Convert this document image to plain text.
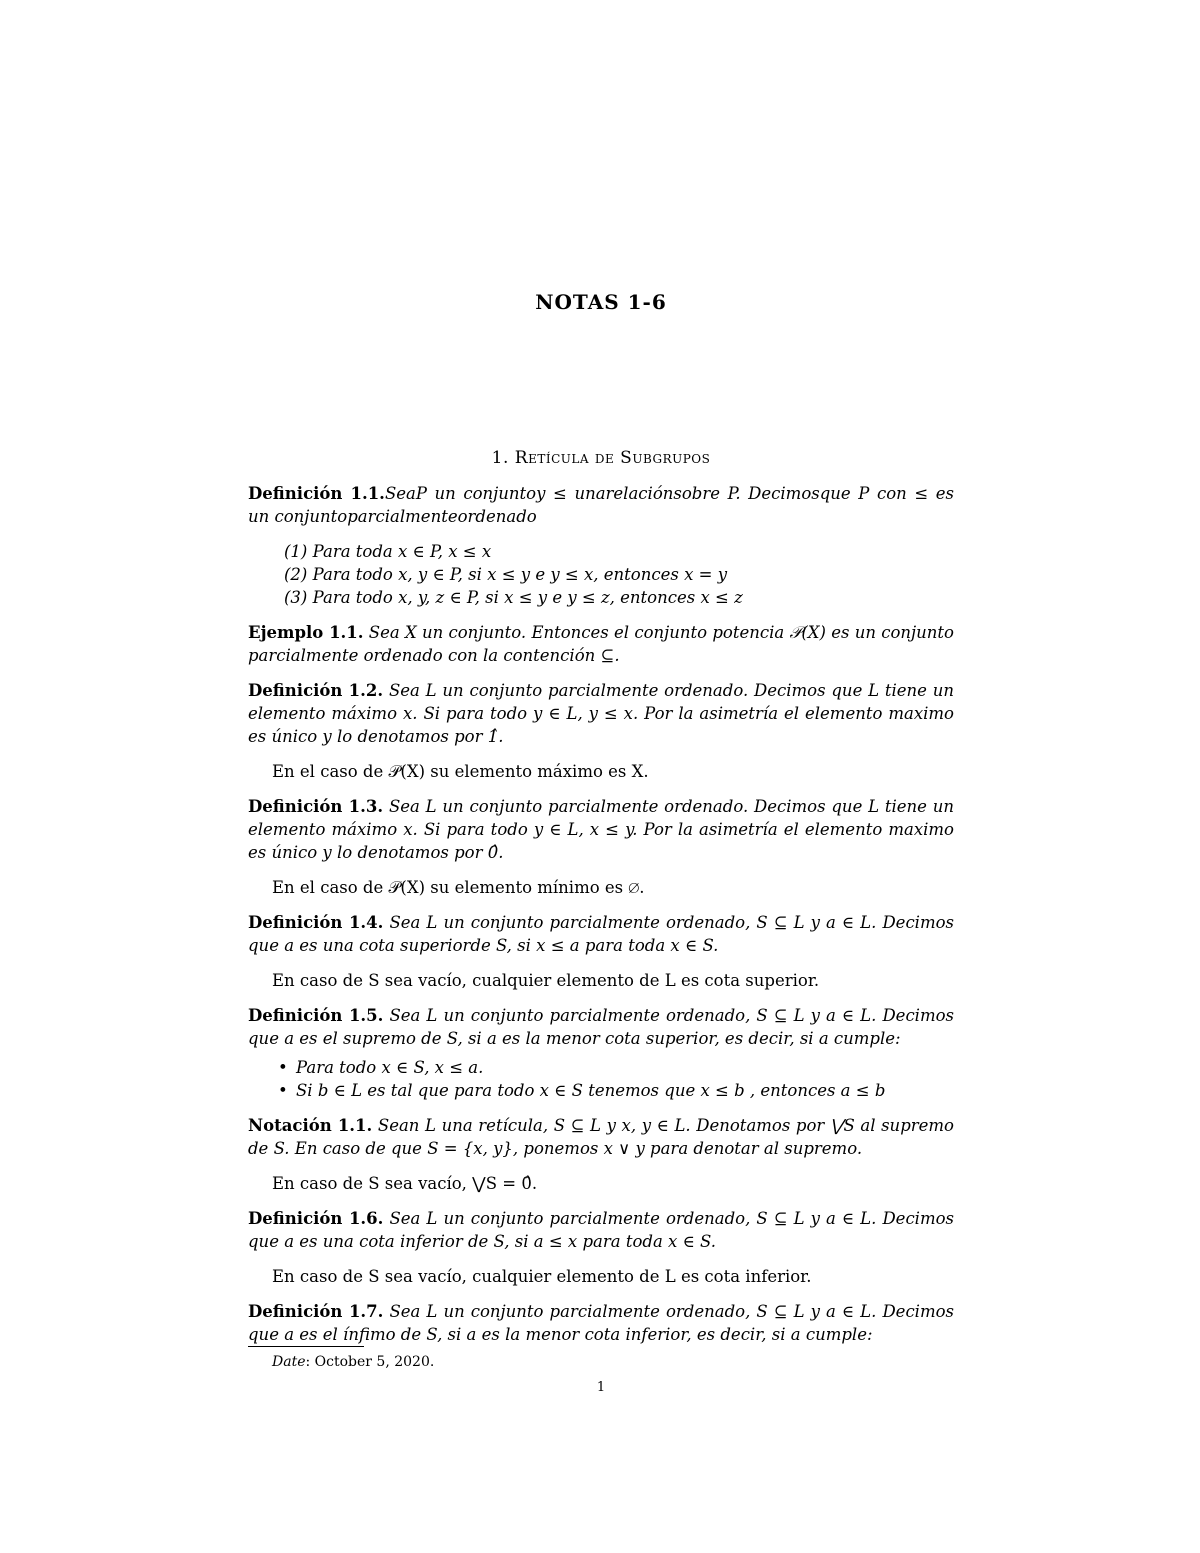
NOTAS 1-6
1. Retícula de Subgrupos

Definición 1.1.SeaP un conjuntoy ≤ unarelaciónsobre P. Decimosque P con ≤ es un conjuntoparcialmenteordenado

(1) Para toda x ∈ P, x ≤ x
(2) Para todo x, y ∈ P, si x ≤ y e y ≤ x, entonces x = y
(3) Para todo x, y, z ∈ P, si x ≤ y e y ≤ z, entonces x ≤ z

Ejemplo 1.1. Sea X un conjunto. Entonces el conjunto potencia 𝒫(X) es un conjunto parcialmente ordenado con la contención ⊆.

Definición 1.2. Sea L un conjunto parcialmente ordenado. Decimos que L tiene un elemento máximo x. Si para todo y ∈ L, y ≤ x. Por la asimetría el elemento maximo es único y lo denotamos por 1̂.

En el caso de 𝒫(X) su elemento máximo es X.

Definición 1.3. Sea L un conjunto parcialmente ordenado. Decimos que L tiene un elemento máximo x. Si para todo y ∈ L, x ≤ y. Por la asimetría el elemento maximo es único y lo denotamos por 0̂.

En el caso de 𝒫(X) su elemento mínimo es ∅.

Definición 1.4. Sea L un conjunto parcialmente ordenado, S ⊆ L y a ∈ L. Decimos que a es una cota superiorde S, si x ≤ a para toda x ∈ S.

En caso de S sea vacío, cualquier elemento de L es cota superior.

Definición 1.5. Sea L un conjunto parcialmente ordenado, S ⊆ L y a ∈ L. Decimos que a es el supremo de S, si a es la menor cota superior, es decir, si a cumple:

• Para todo x ∈ S, x ≤ a.
• Si b ∈ L es tal que para todo x ∈ S tenemos que x ≤ b , entonces a ≤ b

Notación 1.1. Sean L una retícula, S ⊆ L y x, y ∈ L. Denotamos por ⋁S al supremo de S. En caso de que S = {x, y}, ponemos x ∨ y para denotar al supremo.

En caso de S sea vacío, ⋁S = 0̂.

Definición 1.6. Sea L un conjunto parcialmente ordenado, S ⊆ L y a ∈ L. Decimos que a es una cota inferior de S, si a ≤ x para toda x ∈ S.

En caso de S sea vacío, cualquier elemento de L es cota inferior.

Definición 1.7. Sea L un conjunto parcialmente ordenado, S ⊆ L y a ∈ L. Decimos que a es el ínfimo de S, si a es la menor cota inferior, es decir, si a cumple:

Date: October 5, 2020.
1
